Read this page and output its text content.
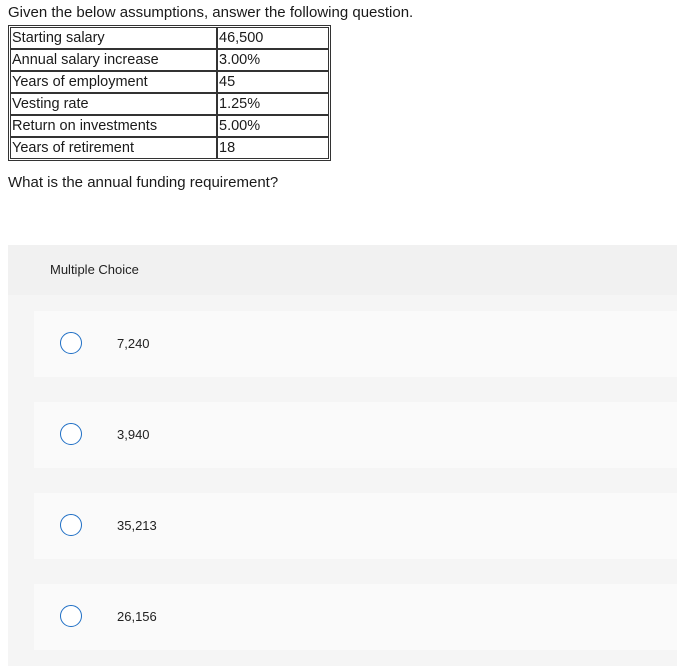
Given the below assumptions, answer the following question.
Starting salary	46,500
Annual salary increase	3.00%
Years of employment	45
Vesting rate	1.25%
Return on investments	5.00%
Years of retirement	18
What is the annual funding requirement?
Multiple Choice
7,240
3,940
35,213
26,156
